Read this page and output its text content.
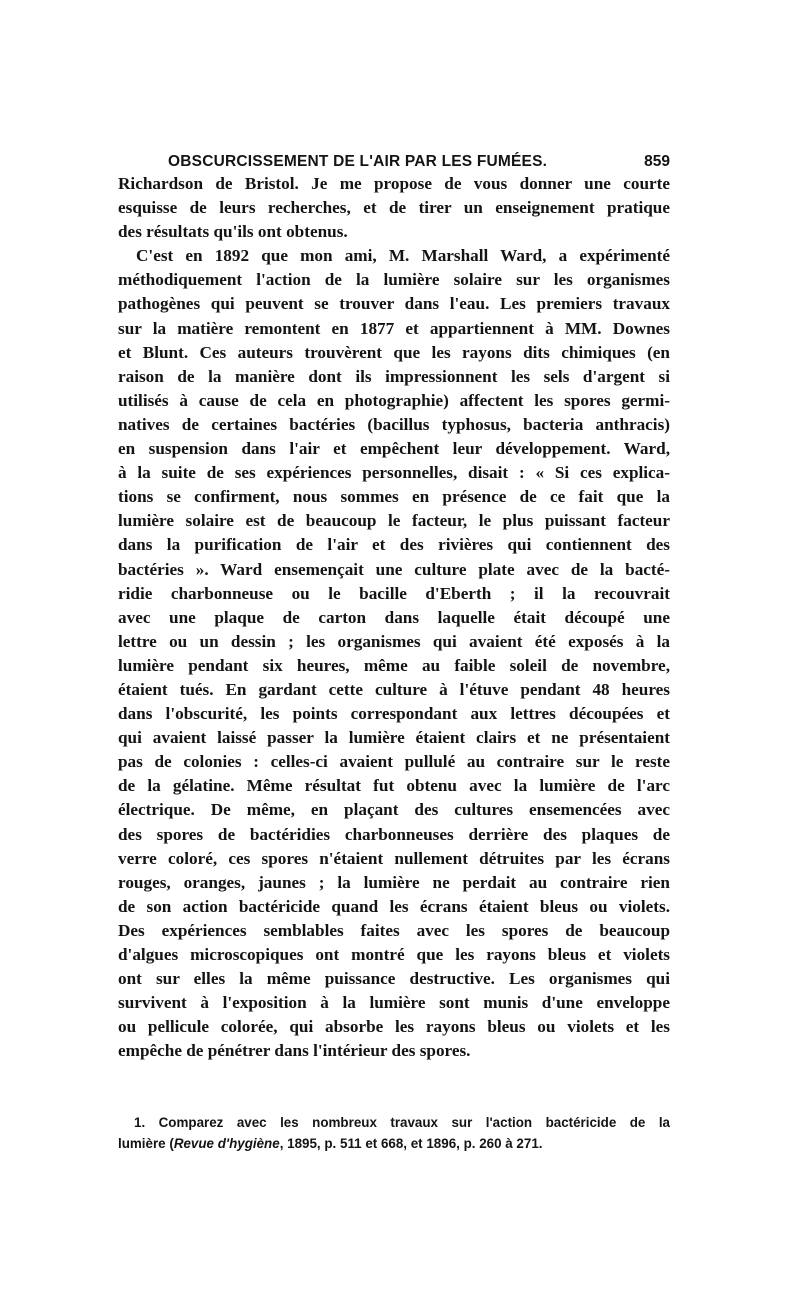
OBSCURCISSEMENT DE L'AIR PAR LES FUMÉES.	859
Richardson de Bristol. Je me propose de vous donner une courte
esquisse de leurs recherches, et de tirer un enseignement pratique
des résultats qu'ils ont obtenus.
C'est en 1892 que mon ami, M. Marshall Ward, a expérimenté
méthodiquement l'action de la lumière solaire sur les organismes
pathogènes qui peuvent se trouver dans l'eau. Les premiers travaux
sur la matière remontent en 1877 et appartiennent à MM. Downes
et Blunt. Ces auteurs trouvèrent que les rayons dits chimiques (en
raison de la manière dont ils impressionnent les sels d'argent si
utilisés à cause de cela en photographie) affectent les spores germi-
natives de certaines bactéries (bacillus typhosus, bacteria anthracis)
en suspension dans l'air et empêchent leur développement. Ward,
à la suite de ses expériences personnelles, disait : « Si ces explica-
tions se confirment, nous sommes en présence de ce fait que la
lumière solaire est de beaucoup le facteur, le plus puissant facteur
dans la purification de l'air et des rivières qui contiennent des
bactéries ». Ward ensemençait une culture plate avec de la bacté-
ridie charbonneuse ou le bacille d'Eberth ; il la recouvrait
avec une plaque de carton dans laquelle était découpé une
lettre ou un dessin ; les organismes qui avaient été exposés à la
lumière pendant six heures, même au faible soleil de novembre,
étaient tués. En gardant cette culture à l'étuve pendant 48 heures
dans l'obscurité, les points correspondant aux lettres découpées et
qui avaient laissé passer la lumière étaient clairs et ne présentaient
pas de colonies : celles-ci avaient pullulé au contraire sur le reste
de la gélatine. Même résultat fut obtenu avec la lumière de l'arc
électrique. De même, en plaçant des cultures ensemencées avec
des spores de bactéridies charbonneuses derrière des plaques de
verre coloré, ces spores n'étaient nullement détruites par les écrans
rouges, oranges, jaunes ; la lumière ne perdait au contraire rien
de son action bactéricide quand les écrans étaient bleus ou violets.
Des expériences semblables faites avec les spores de beaucoup
d'algues microscopiques ont montré que les rayons bleus et violets
ont sur elles la même puissance destructive. Les organismes qui
survivent à l'exposition à la lumière sont munis d'une enveloppe
ou pellicule colorée, qui absorbe les rayons bleus ou violets et les
empêche de pénétrer dans l'intérieur des spores.
1. Comparez avec les nombreux travaux sur l'action bactéricide de la
lumière (Revue d'hygiène, 1895, p. 511 et 668, et 1896, p. 260 à 271.
